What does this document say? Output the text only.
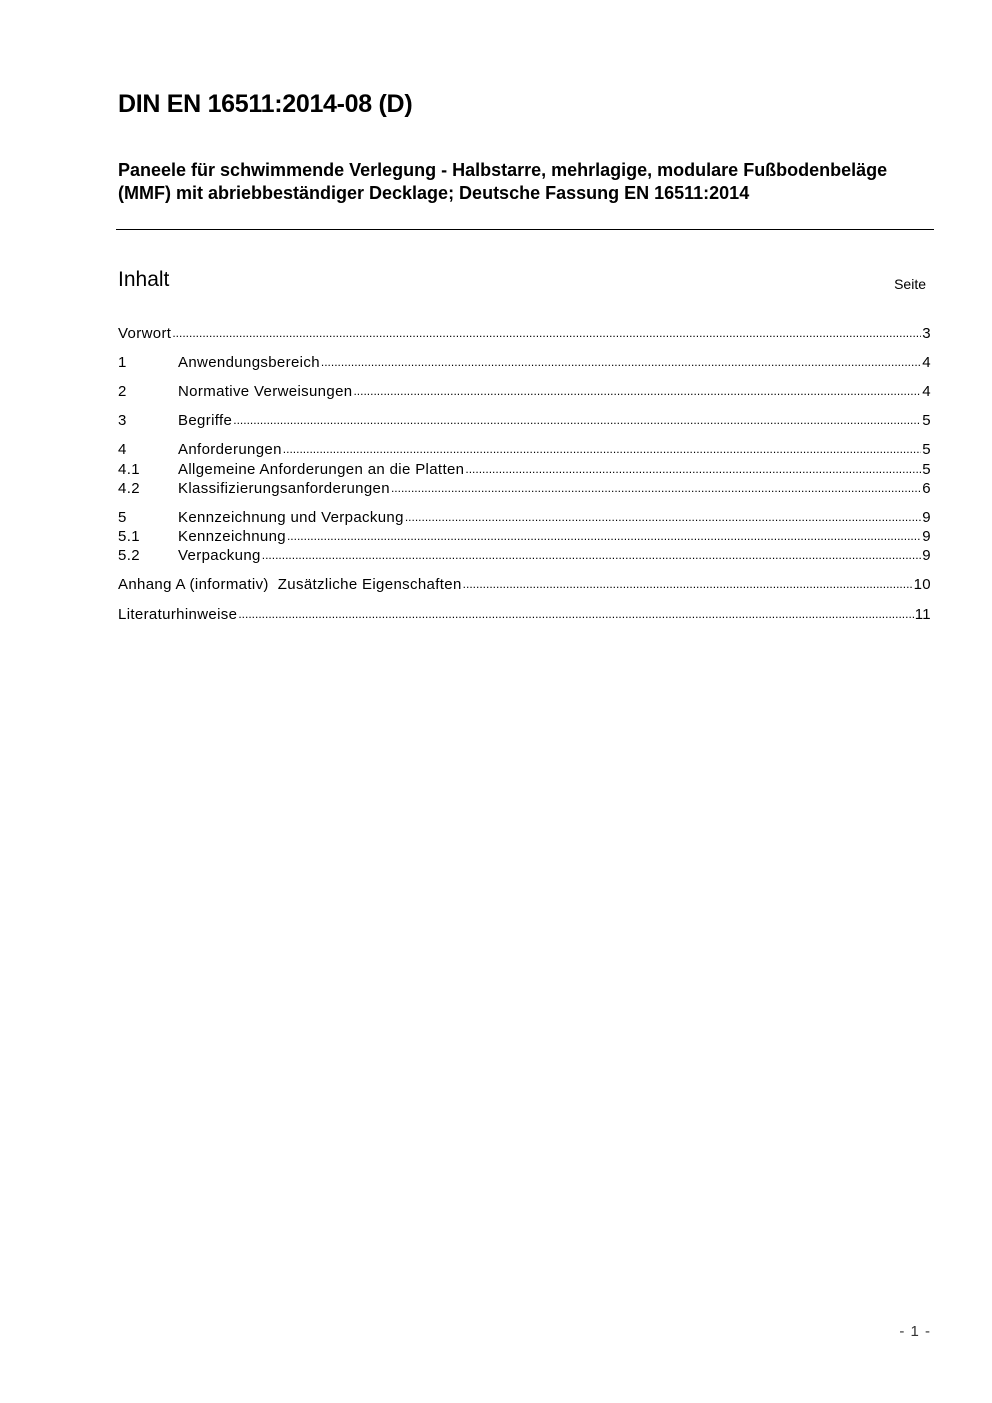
DIN EN 16511:2014-08 (D)
Paneele für schwimmende Verlegung - Halbstarre, mehrlagige, modulare Fußbodenbeläge (MMF) mit abriebbeständiger Decklage; Deutsche Fassung EN 16511:2014
Inhalt	Seite
Vorwort .....	3
1	Anwendungsbereich .....	4
2	Normative Verweisungen .....	4
3	Begriffe .....	5
4	Anforderungen .....	5
4.1	Allgemeine Anforderungen an die Platten .....	5
4.2	Klassifizierungsanforderungen .....	6
5	Kennzeichnung und Verpackung .....	9
5.1	Kennzeichnung .....	9
5.2	Verpackung .....	9
Anhang A (informativ)  Zusätzliche Eigenschaften .....	10
Literaturhinweise .....	11
- 1 -
